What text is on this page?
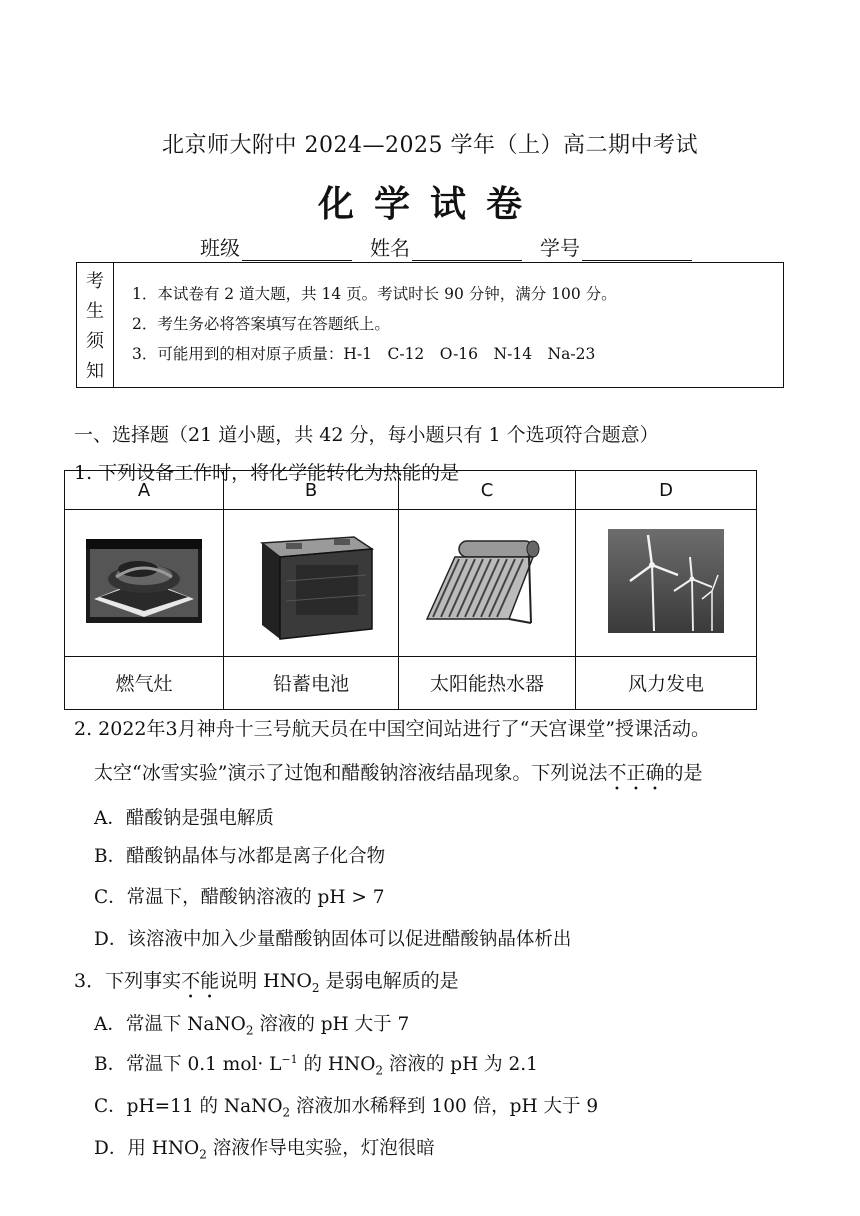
北京师大附中 2024—2025 学年（上）高二期中考试
化学试卷
班级	姓名	学号
考
生
须
知
1．本试卷有 2 道大题，共 14 页。考试时长 90 分钟，满分 100 分。
2．考生务必将答案填写在答题纸上。
3．可能用到的相对原子质量：H-1　C-12　O-16　N-14　Na-23
一、选择题（21 道小题，共 42 分，每小题只有 1 个选项符合题意）
1. 下列设备工作时，将化学能转化为热能的是
A	B	C	D

燃气灶	铅蓄电池	太阳能热水器	风力发电
2. 2022年3月神舟十三号航天员在中国空间站进行了“天宫课堂”授课活动。
太空“冰雪实验”演示了过饱和醋酸钠溶液结晶现象。下列说法不正确的是
A．醋酸钠是强电解质
B．醋酸钠晶体与冰都是离子化合物
C．常温下，醋酸钠溶液的 pH > 7
D．该溶液中加入少量醋酸钠固体可以促进醋酸钠晶体析出
3．下列事实不能说明 $HNO_2$ 是弱电解质的是
A．常温下 NaNO$_2$ 溶液的 pH 大于 7
B．常温下 0.1 $mol\cdot L^{-1}$ 的 $HNO_2$ 溶液的 pH 为 2.1
C．pH=11 的 NaNO$_2$ 溶液加水稀释到 100 倍，pH 大于 9
D．用 $HNO_2$ 溶液作导电实验，灯泡很暗
